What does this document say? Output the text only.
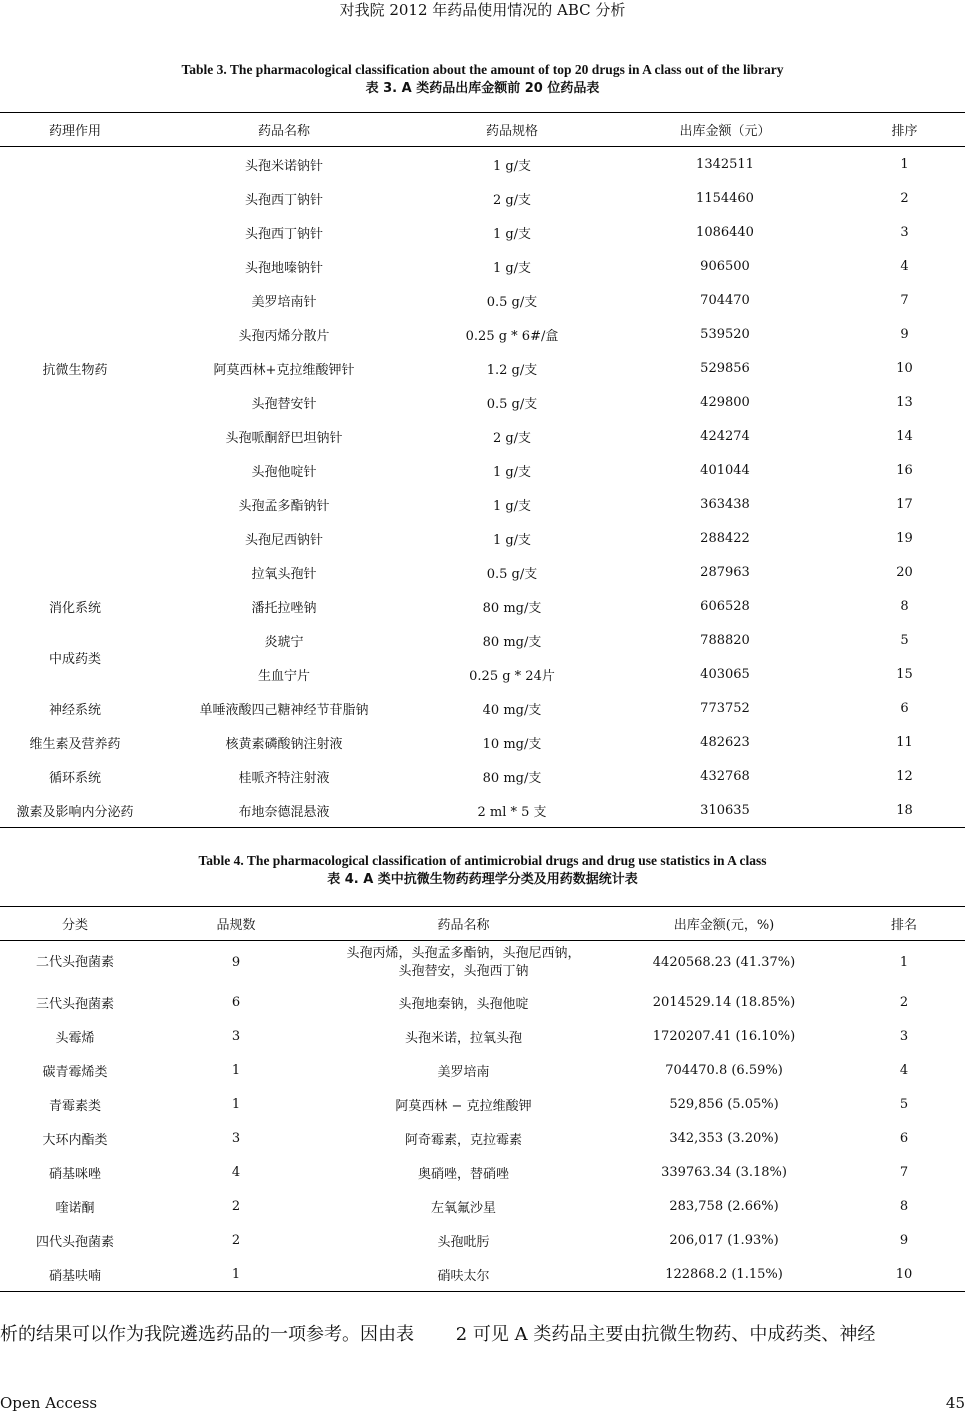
对我院 2012 年药品使用情况的 ABC 分析
Table 3. The pharmacological classification about the amount of top 20 drugs in A class out of the library
表 3. A 类药品出库金额前 20 位药品表
药理作用	药品名称	药品规格	出库金额（元）	排序
抗微生物药	头孢米诺钠针	1 g/支	1342511	1
	头孢西丁钠针	2 g/支	1154460	2
	头孢西丁钠针	1 g/支	1086440	3
	头孢地嗪钠针	1 g/支	906500	4
	美罗培南针	0.5 g/支	704470	7
	头孢丙烯分散片	0.25 g * 6#/盒	539520	9
	阿莫西林+克拉维酸钾针	1.2 g/支	529856	10
	头孢替安针	0.5 g/支	429800	13
	头孢哌酮舒巴坦钠针	2 g/支	424274	14
	头孢他啶针	1 g/支	401044	16
	头孢孟多酯钠针	1 g/支	363438	17
	头孢尼西钠针	1 g/支	288422	19
	拉氧头孢针	0.5 g/支	287963	20
消化系统	潘托拉唑钠	80 mg/支	606528	8
中成药类	炎琥宁	80 mg/支	788820	5
	生血宁片	0.25 g * 24片	403065	15
神经系统	单唾液酸四己糖神经节苷脂钠	40 mg/支	773752	6
维生素及营养药	核黄素磷酸钠注射液	10 mg/支	482623	11
循环系统	桂哌齐特注射液	80 mg/支	432768	12
激素及影响内分泌药	布地奈德混悬液	2 ml * 5 支	310635	18
Table 4. The pharmacological classification of antimicrobial drugs and drug use statistics in A class
表 4. A 类中抗微生物药药理学分类及用药数据统计表
分类	品规数	药品名称	出库金额(元，%)	排名
二代头孢菌素	9	头孢丙烯，头孢孟多酯钠，头孢尼西钠，
头孢替安，头孢西丁钠	4420568.23 (41.37%)	1
三代头孢菌素	6	头孢地秦钠，头孢他啶	2014529.14 (18.85%)	2
头霉烯	3	头孢米诺，拉氧头孢	1720207.41 (16.10%)	3
碳青霉烯类	1	美罗培南	704470.8 (6.59%)	4
青霉素类	1	阿莫西林 − 克拉维酸钾	529,856 (5.05%)	5
大环内酯类	3	阿奇霉素，克拉霉素	342,353 (3.20%)	6
硝基咪唑	4	奥硝唑，替硝唑	339763.34 (3.18%)	7
喹诺酮	2	左氧氟沙星	283,758 (2.66%)	8
四代头孢菌素	2	头孢吡肟	206,017 (1.93%)	9
硝基呋喃	1	硝呋太尔	122868.2 (1.15%)	10
析的结果可以作为我院遴选药品的一项参考。因由表　　 2 可见 A 类药品主要由抗微生物药、中成药类、神经
Open Access	45
